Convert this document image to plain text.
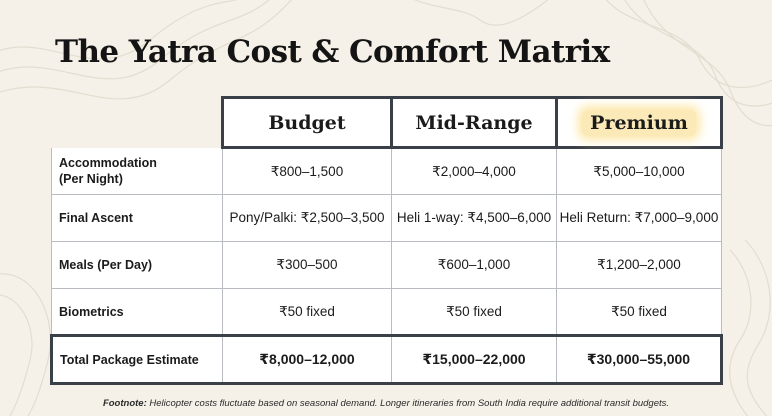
The Yatra Cost & Comfort Matrix
	Budget	Mid-Range	Premium
Accommodation
(Per Night)	₹800–1,500	₹2,000–4,000	₹5,000–10,000
Final Ascent	Pony/Palki: ₹2,500–3,500	Heli 1-way: ₹4,500–6,000	Heli Return: ₹7,000–9,000
Meals (Per Day)	₹300–500	₹600–1,000	₹1,200–2,000
Biometrics	₹50 fixed	₹50 fixed	₹50 fixed
Total Package Estimate	₹8,000–12,000	₹15,000–22,000	₹30,000–55,000
Footnote: Helicopter costs fluctuate based on seasonal demand. Longer itineraries from South India require additional transit budgets.
